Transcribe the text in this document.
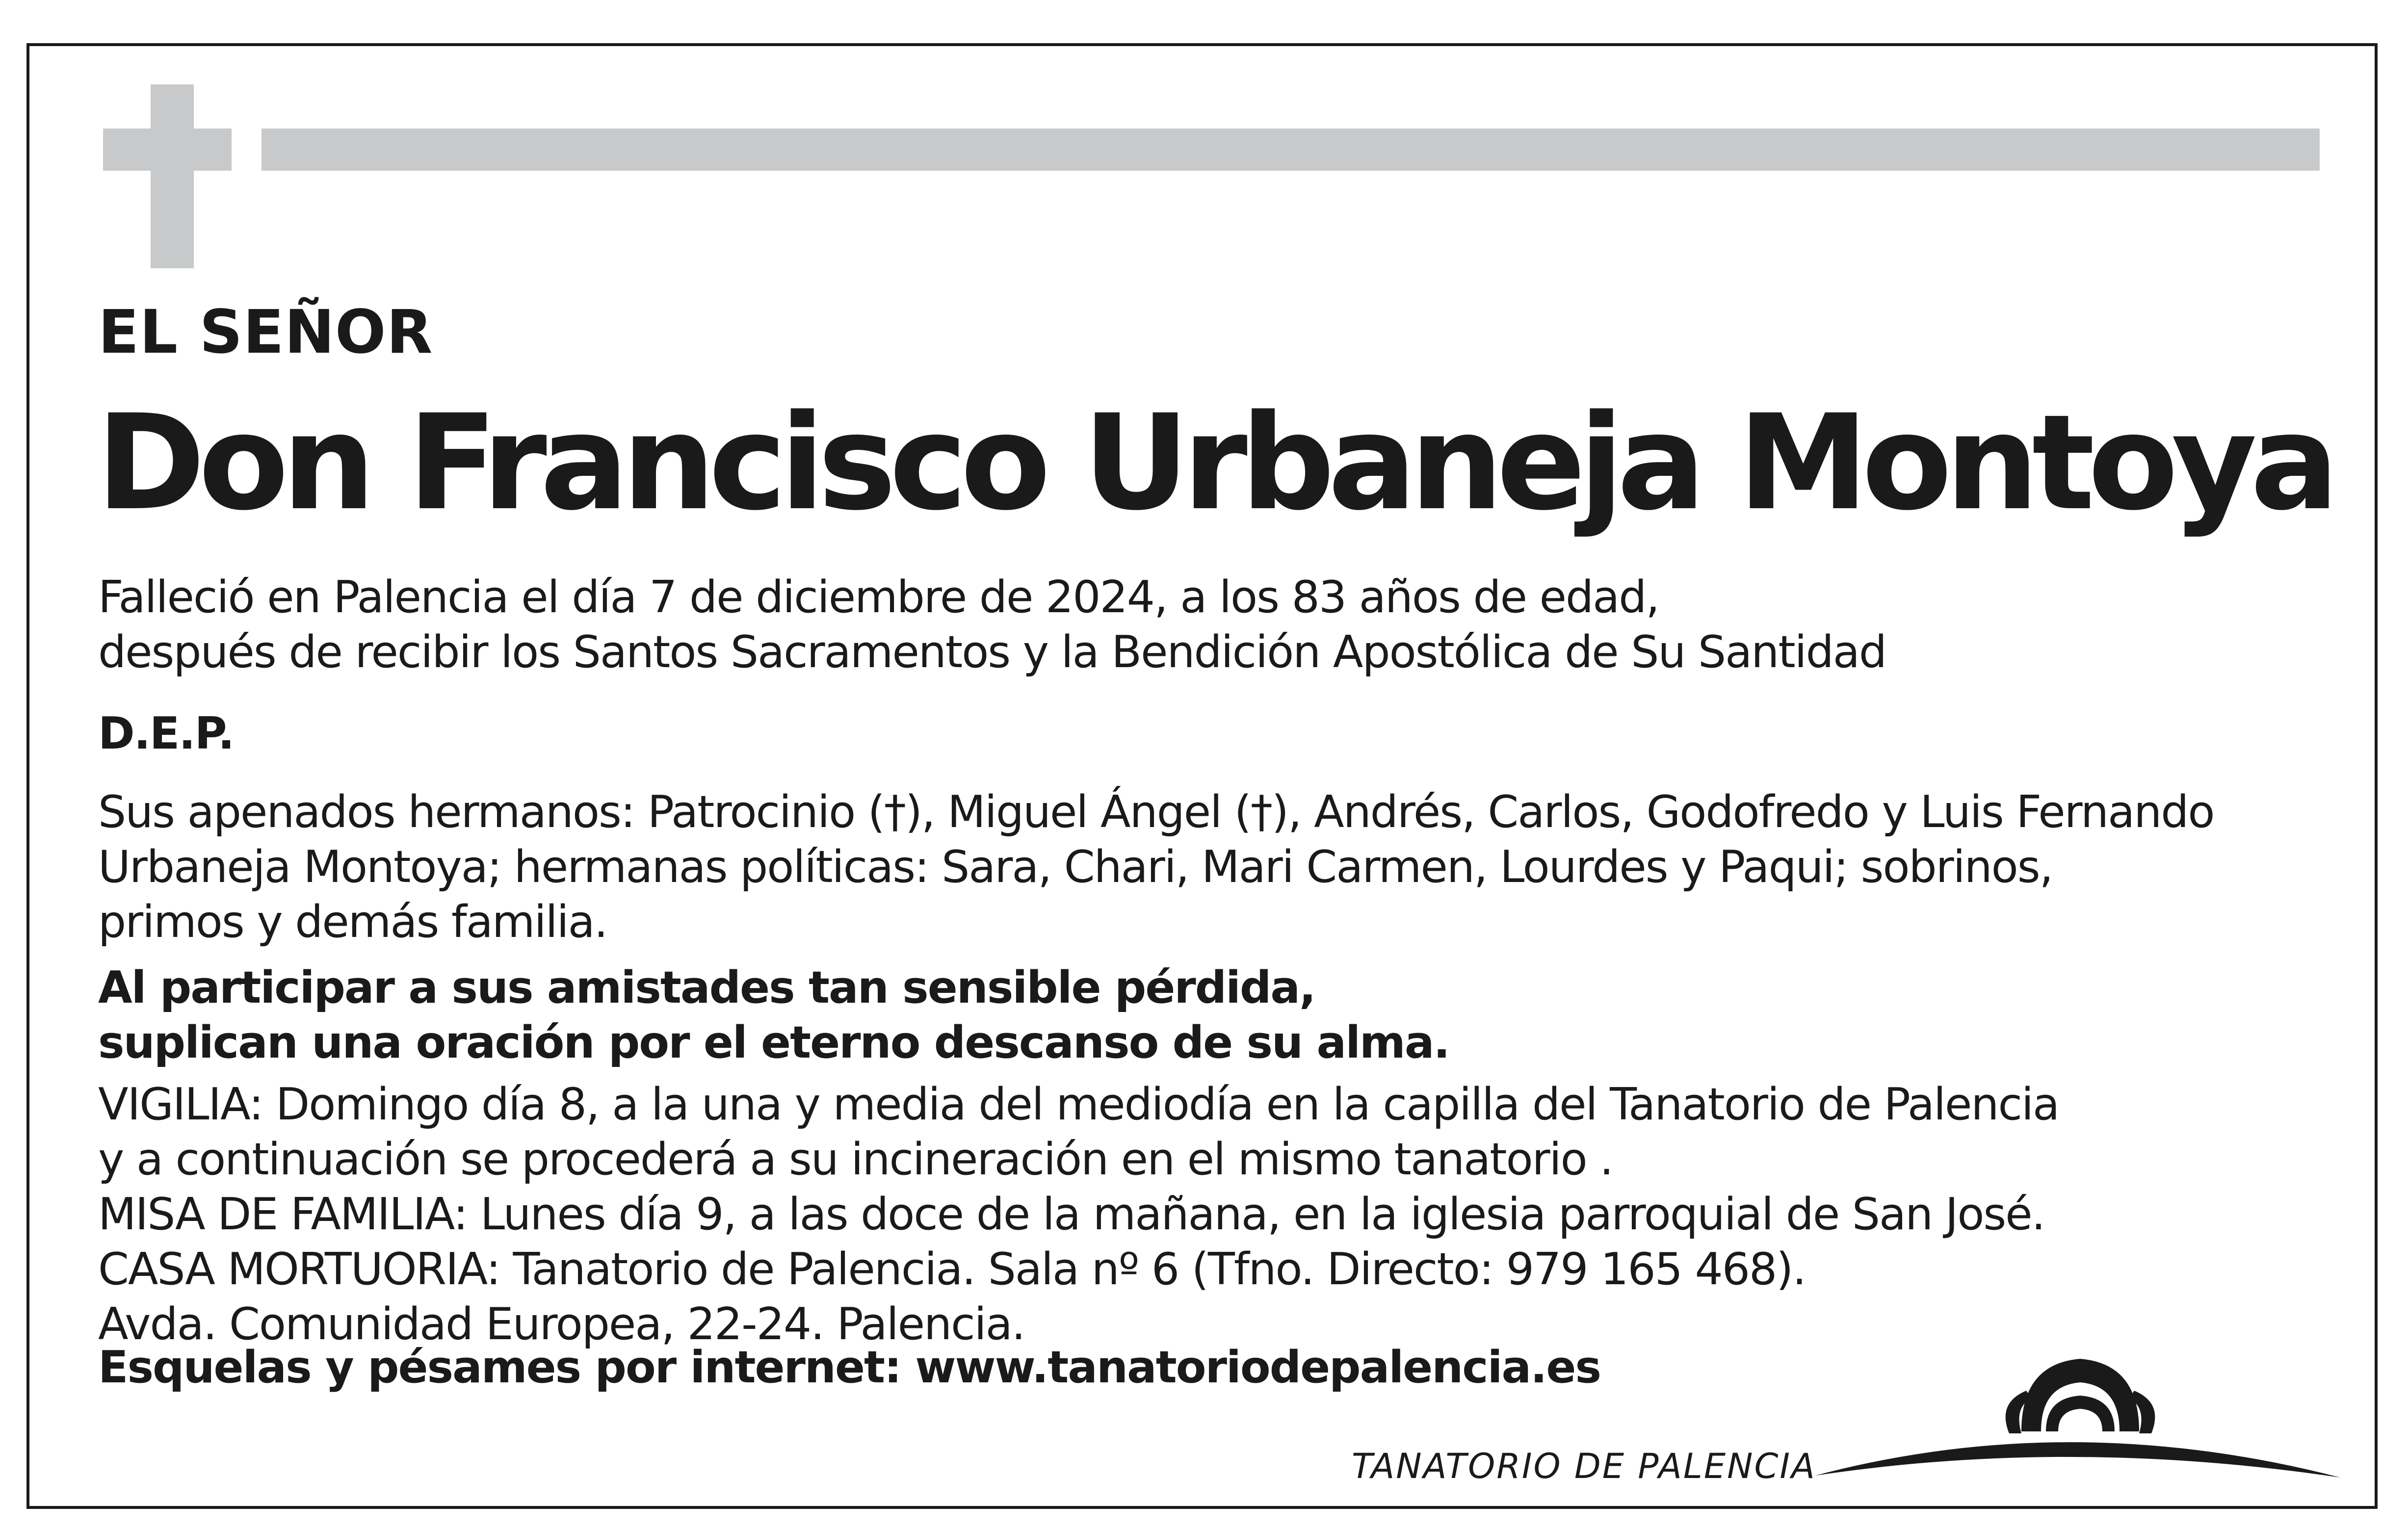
EL SEÑOR

Don Francisco Urbaneja Montoya

Falleció en Palencia el día 7 de diciembre de 2024, a los 83 años de edad,
después de recibir los Santos Sacramentos y la Bendición Apostólica de Su Santidad
D.E.P.
Sus apenados hermanos: Patrocinio (†), Miguel Ángel (†), Andrés, Carlos, Godofredo y Luis Fernando
Urbaneja Montoya; hermanas políticas: Sara, Chari, Mari Carmen, Lourdes y Paqui; sobrinos,
primos y demás familia.
Al participar a sus amistades tan sensible pérdida,
suplican una oración por el eterno descanso de su alma.
VIGILIA: Domingo día 8, a la una y media del mediodía en la capilla del Tanatorio de Palencia
y a continuación se procederá a su incineración en el mismo tanatorio .
MISA DE FAMILIA: Lunes día 9, a las doce de la mañana, en la iglesia parroquial de San José.
CASA MORTUORIA: Tanatorio de Palencia. Sala nº 6 (Tfno. Directo: 979 165 468).
Avda. Comunidad Europea, 22-24. Palencia.
Esquelas y pésames por internet: www.tanatoriodepalencia.es
TANATORIO DE PALENCIA
